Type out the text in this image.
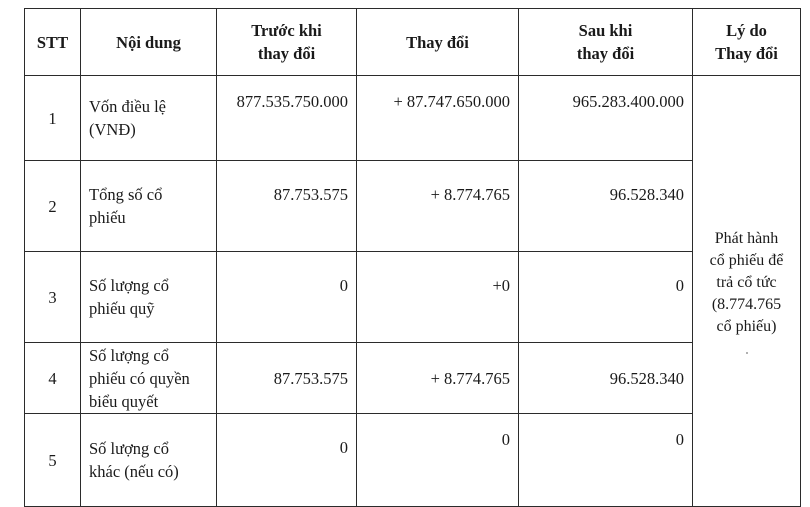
STT	Nội dung	Trước khi
thay đổi	Thay đổi	Sau khi
thay đổi	Lý do
Thay đổi

1	Vốn điều lệ
(VNĐ)	877.535.750.000	+ 87.747.650.000	965.283.400.000	Phát hành
cổ phiếu để
trả cổ tức
(8.774.765
cổ phiếu)

2	Tổng số cổ
phiếu	87.753.575	+ 8.774.765	96.528.340	
3	Số lượng cổ
phiếu quỹ	0	+0	0	
4	Số lượng cổ
phiếu có quyền
biểu quyết	87.753.575	+ 8.774.765	96.528.340	
5	Số lượng cổ
khác (nếu có)	0	0	0	
